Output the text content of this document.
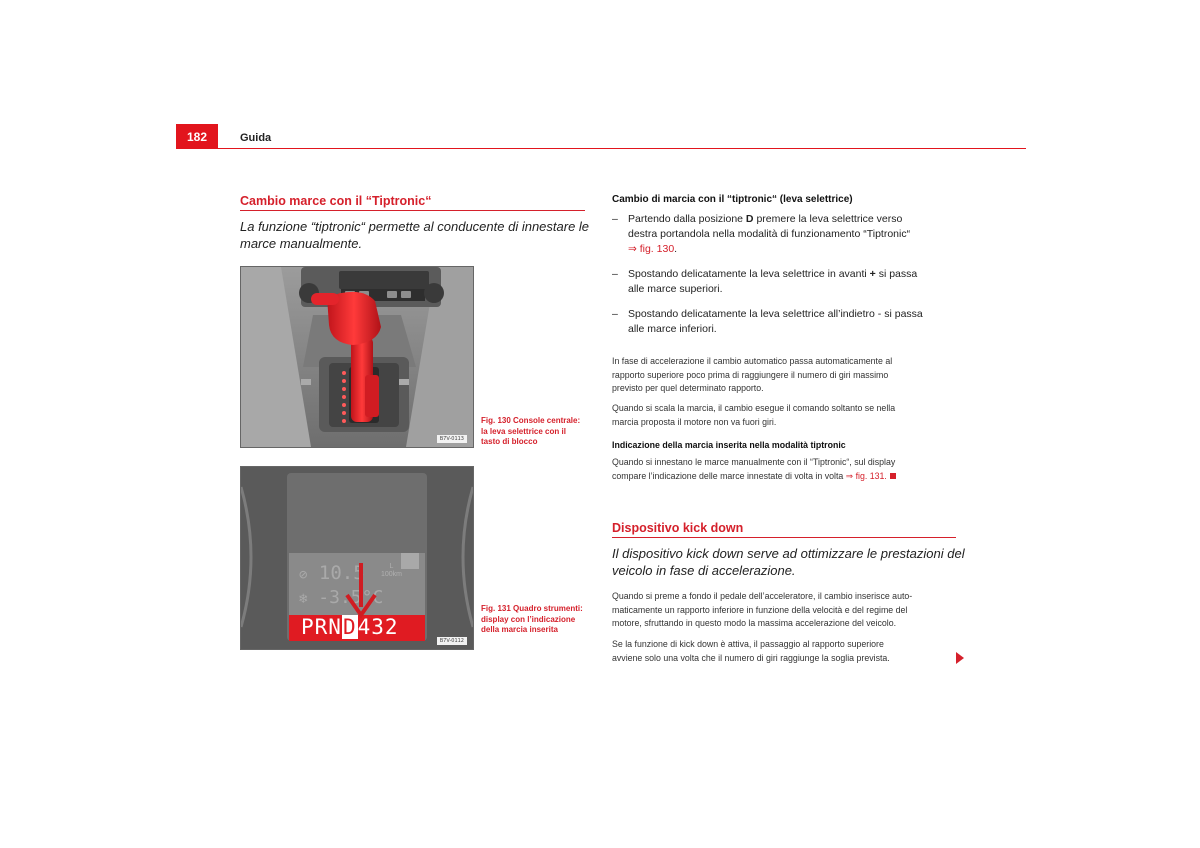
182	Guida
Cambio marce con il “Tiptronic“
La funzione “tiptronic“ permette al conducente di innestare le marce manualmente.
B7V-0113
Fig. 130 Console centrale: la leva selettrice con il tasto di blocco
⊘ 10.5	L
100km
❄ -3.5°C
PRND432
B7V-0112
Fig. 131 Quadro strumenti: display con l’indicazione della marcia inserita
Cambio di marcia con il “tiptronic“ (leva selettrice)
– Partendo dalla posizione D premere la leva selettrice verso
destra portandola nella modalità di funzionamento “Tiptronic“
⇒ fig. 130.
– Spostando delicatamente la leva selettrice in avanti + si passa
alle marce superiori.
– Spostando delicatamente la leva selettrice all’indietro - si passa
alle marce inferiori.
In fase di accelerazione il cambio automatico passa automaticamente al
rapporto superiore poco prima di raggiungere il numero di giri massimo
previsto per quel determinato rapporto.
Quando si scala la marcia, il cambio esegue il comando soltanto se nella
marcia proposta il motore non va fuori giri.
Indicazione della marcia inserita nella modalità tiptronic
Quando si innestano le marce manualmente con il “Tiptronic“, sul display
compare l’indicazione delle marce innestate di volta in volta ⇒ fig. 131.
Dispositivo kick down
Il dispositivo kick down serve ad ottimizzare le prestazioni del
veicolo in fase di accelerazione.
Quando si preme a fondo il pedale dell’acceleratore, il cambio inserisce auto-
maticamente un rapporto inferiore in funzione della velocità e del regime del
motore, sfruttando in questo modo la massima accelerazione del veicolo.
Se la funzione di kick down è attiva, il passaggio al rapporto superiore
avviene solo una volta che il numero di giri raggiunge la soglia prevista.
